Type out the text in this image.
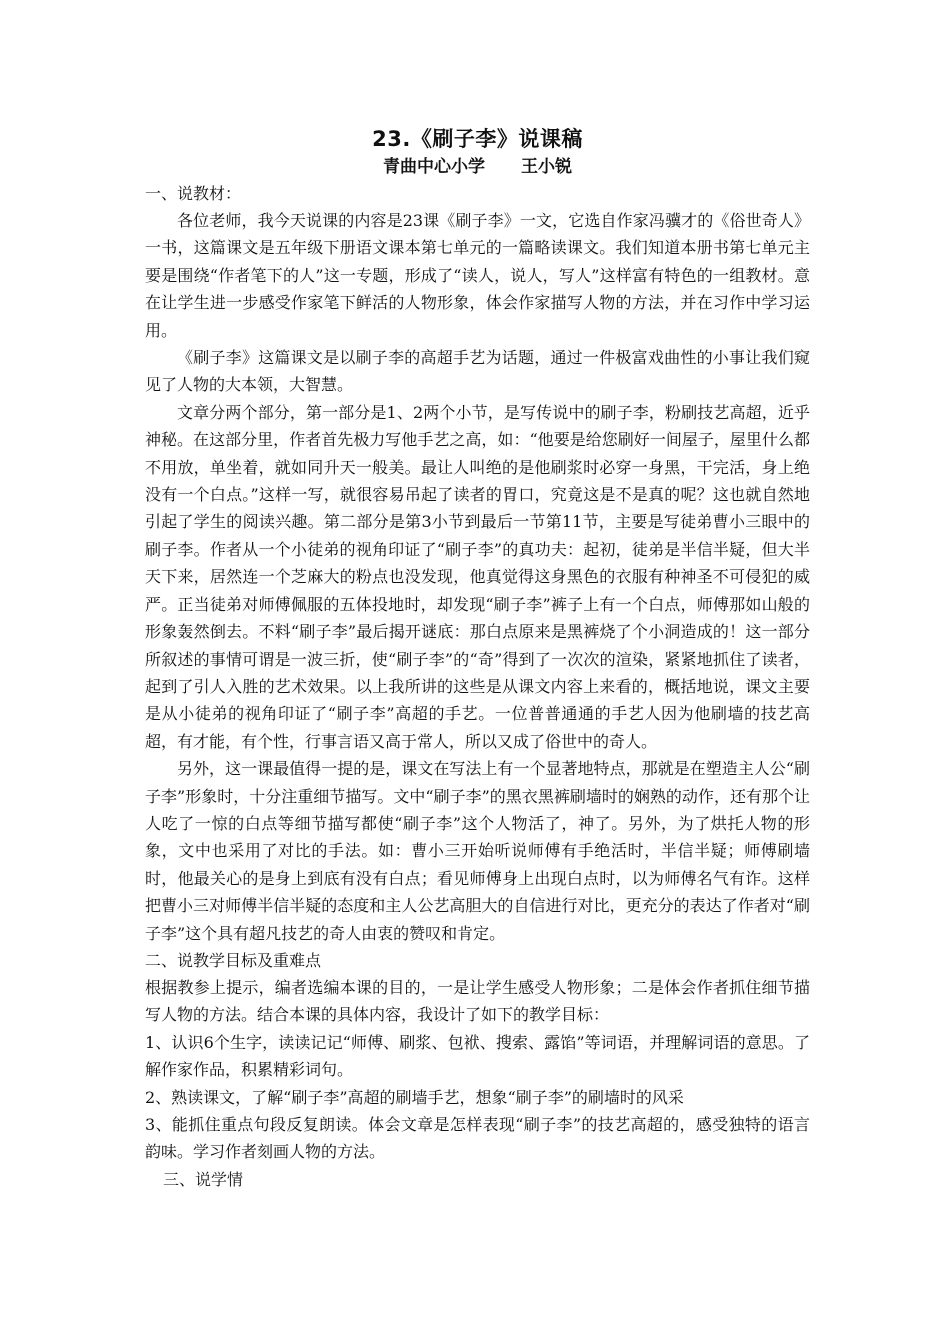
23.《刷子李》说课稿

青曲中心小学 王小锐

一、说教材：

各位老师，我今天说课的内容是23课《刷子李》一文，它选自作家冯骥才的《俗世奇人》一书，这篇课文是五年级下册语文课本第七单元的一篇略读课文。我们知道本册书第七单元主要是围绕“作者笔下的人”这一专题，形成了“读人，说人，写人”这样富有特色的一组教材。意在让学生进一步感受作家笔下鲜活的人物形象，体会作家描写人物的方法，并在习作中学习运用。

《刷子李》这篇课文是以刷子李的高超手艺为话题，通过一件极富戏曲性的小事让我们窥见了人物的大本领，大智慧。

文章分两个部分，第一部分是1、2两个小节，是写传说中的刷子李，粉刷技艺高超，近乎神秘。在这部分里，作者首先极力写他手艺之高，如：“他要是给您刷好一间屋子，屋里什么都不用放，单坐着，就如同升天一般美。最让人叫绝的是他刷浆时必穿一身黑，干完活，身上绝没有一个白点。”这样一写，就很容易吊起了读者的胃口，究竟这是不是真的呢？这也就自然地引起了学生的阅读兴趣。第二部分是第3小节到最后一节第11节，主要是写徒弟曹小三眼中的刷子李。作者从一个小徒弟的视角印证了“刷子李”的真功夫：起初，徒弟是半信半疑，但大半天下来，居然连一个芝麻大的粉点也没发现，他真觉得这身黑色的衣服有种神圣不可侵犯的威严。正当徒弟对师傅佩服的五体投地时，却发现“刷子李”裤子上有一个白点，师傅那如山般的形象轰然倒去。不料“刷子李”最后揭开谜底：那白点原来是黑裤烧了个小洞造成的！这一部分所叙述的事情可谓是一波三折，使“刷子李”的“奇”得到了一次次的渲染，紧紧地抓住了读者，起到了引人入胜的艺术效果。以上我所讲的这些是从课文内容上来看的，概括地说，课文主要是从小徒弟的视角印证了“刷子李”高超的手艺。一位普普通通的手艺人因为他刷墙的技艺高超，有才能，有个性，行事言语又高于常人，所以又成了俗世中的奇人。

另外，这一课最值得一提的是，课文在写法上有一个显著地特点，那就是在塑造主人公“刷子李”形象时，十分注重细节描写。文中“刷子李”的黑衣黑裤刷墙时的娴熟的动作，还有那个让人吃了一惊的白点等细节描写都使“刷子李”这个人物活了，神了。另外，为了烘托人物的形象，文中也采用了对比的手法。如：曹小三开始听说师傅有手绝活时，半信半疑；师傅刷墙时，他最关心的是身上到底有没有白点；看见师傅身上出现白点时，以为师傅名气有诈。这样把曹小三对师傅半信半疑的态度和主人公艺高胆大的自信进行对比，更充分的表达了作者对“刷子李”这个具有超凡技艺的奇人由衷的赞叹和肯定。

二、说教学目标及重难点

根据教参上提示，编者选编本课的目的，一是让学生感受人物形象；二是体会作者抓住细节描写人物的方法。结合本课的具体内容，我设计了如下的教学目标：

1、认识6个生字，读读记记“师傅、刷浆、包袱、搜索、露馅”等词语，并理解词语的意思。了解作家作品，积累精彩词句。

2、熟读课文，了解“刷子李”高超的刷墙手艺，想象“刷子李”的刷墙时的风采

3、能抓住重点句段反复朗读。体会文章是怎样表现“刷子李”的技艺高超的，感受独特的语言韵味。学习作者刻画人物的方法。

三、说学情
